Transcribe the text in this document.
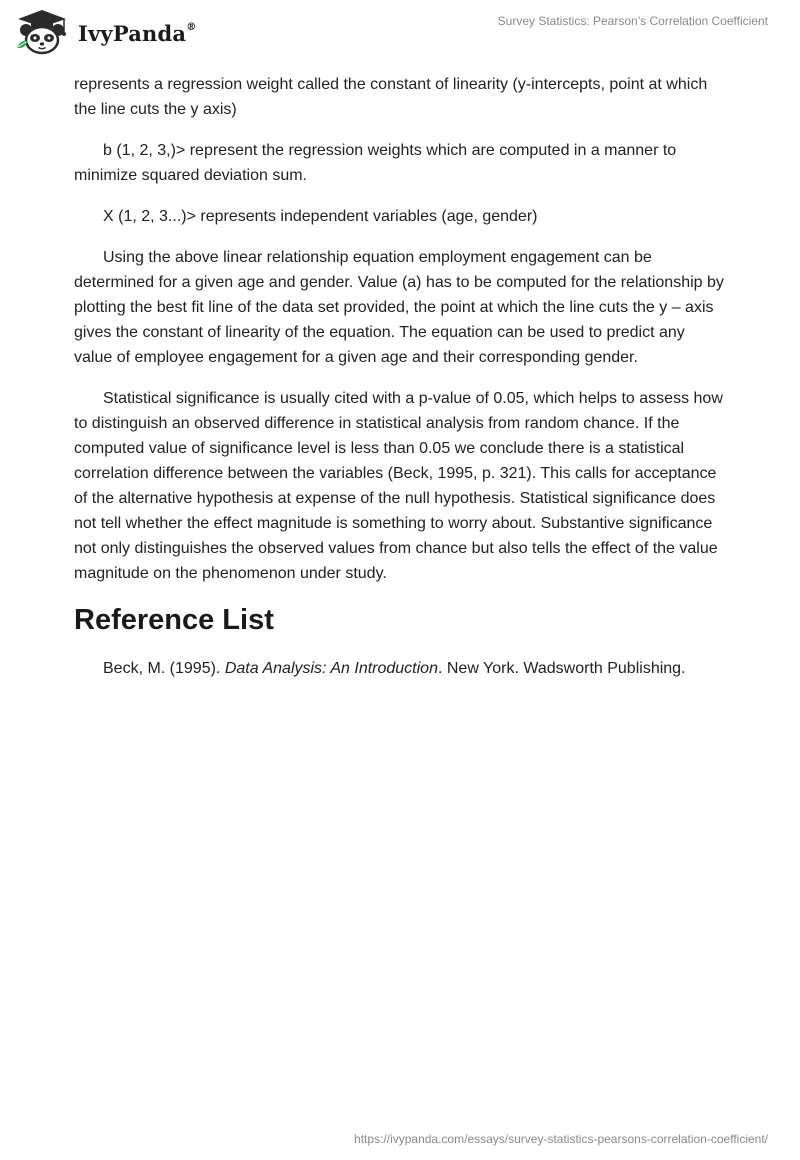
IvyPanda®	Survey Statistics: Pearson’s Correlation Coefficient

represents a regression weight called the constant of linearity (y-intercepts, point at which the line cuts the y axis)

b (1, 2, 3,)> represent the regression weights which are computed in a manner to minimize squared deviation sum.

X (1, 2, 3...)> represents independent variables (age, gender)

Using the above linear relationship equation employment engagement can be determined for a given age and gender. Value (a) has to be computed for the relationship by plotting the best fit line of the data set provided, the point at which the line cuts the y – axis gives the constant of linearity of the equation. The equation can be used to predict any value of employee engagement for a given age and their corresponding gender.

Statistical significance is usually cited with a p-value of 0.05, which helps to assess how to distinguish an observed difference in statistical analysis from random chance. If the computed value of significance level is less than 0.05 we conclude there is a statistical correlation difference between the variables (Beck, 1995, p. 321). This calls for acceptance of the alternative hypothesis at expense of the null hypothesis. Statistical significance does not tell whether the effect magnitude is something to worry about. Substantive significance not only distinguishes the observed values from chance but also tells the effect of the value magnitude on the phenomenon under study.

Reference List

Beck, M. (1995). Data Analysis: An Introduction. New York. Wadsworth Publishing.

https://ivypanda.com/essays/survey-statistics-pearsons-correlation-coefficient/
